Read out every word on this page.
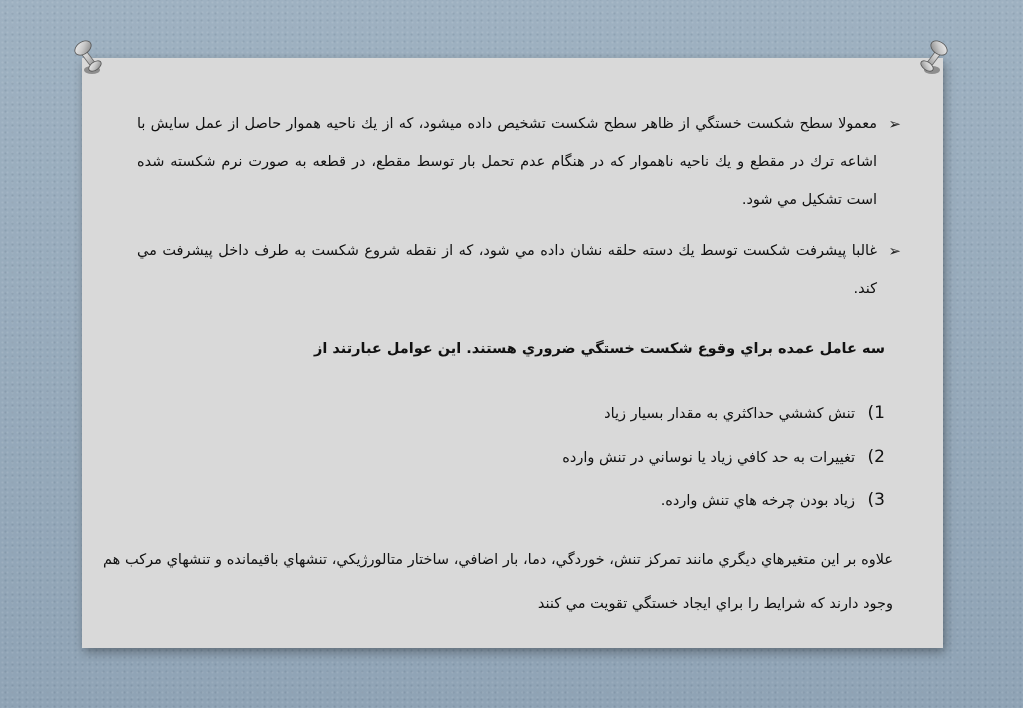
➢
معمولا سطح شكست خستگي از ظاهر سطح شكست تشخيص داده ميشود، كه از يك ناحيه هموار حاصل از عمل سايش با اشاعه ترك در مقطع و يك ناحيه ناهموار كه در هنگام عدم تحمل بار توسط مقطع، در قطعه به صورت نرم شكسته شده است تشكيل مي شود.
➢
غالبا پيشرفت شكست توسط يك دسته حلقه نشان داده مي شود، كه از نقطه شروع شكست به طرف داخل پيشرفت مي كند.
سه عامل عمده براي وقوع شكست خستگي ضروري هستند. اين عوامل عبارتند از
1)تنش كششي حداكثري به مقدار بسيار زياد
2)تغييرات به حد كافي زياد يا نوساني در تنش وارده
3)زياد بودن چرخه هاي تنش وارده.
علاوه بر اين متغيرهاي ديگري مانند تمركز تنش، خوردگي، دما، بار اضافي، ساختار متالورژيكي، تنشهاي باقيمانده و تنشهاي مركب هم وجود دارند كه شرايط را براي ايجاد خستگي تقويت مي كنند
